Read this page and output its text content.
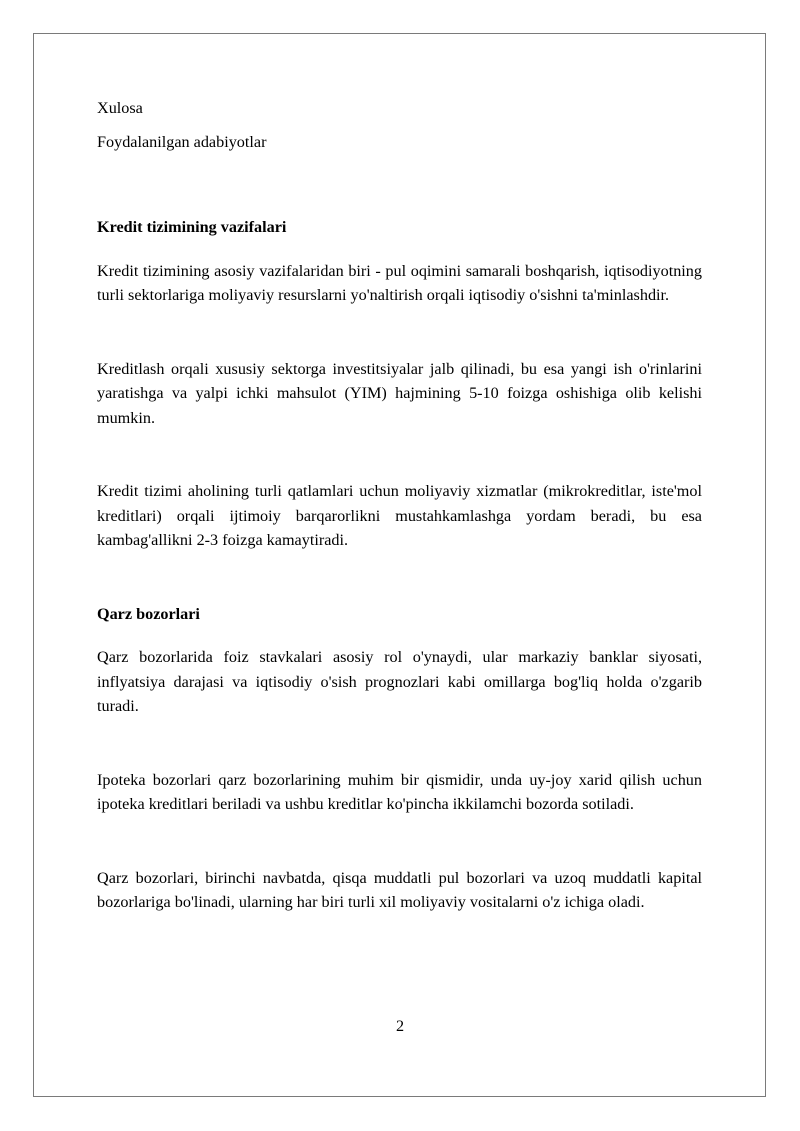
Xulosa

Foydalanilgan adabiyotlar

Kredit tizimining vazifalari

Kredit tizimining asosiy vazifalaridan biri - pul oqimini samarali boshqarish, iqtisodiyotning turli sektorlariga moliyaviy resurslarni yo'naltirish orqali iqtisodiy o'sishni ta'minlashdir.

Kreditlash orqali xususiy sektorga investitsiyalar jalb qilinadi, bu esa yangi ish o'rinlarini yaratishga va yalpi ichki mahsulot (YIM) hajmining 5-10 foizga oshishiga olib kelishi mumkin.

Kredit tizimi aholining turli qatlamlari uchun moliyaviy xizmatlar (mikrokreditlar, iste'mol kreditlari) orqali ijtimoiy barqarorlikni mustahkamlashga yordam beradi, bu esa kambag'allikni 2-3 foizga kamaytiradi.

Qarz bozorlari

Qarz bozorlarida foiz stavkalari asosiy rol o'ynaydi, ular markaziy banklar siyosati, inflyatsiya darajasi va iqtisodiy o'sish prognozlari kabi omillarga bog'liq holda o'zgarib turadi.

Ipoteka bozorlari qarz bozorlarining muhim bir qismidir, unda uy-joy xarid qilish uchun ipoteka kreditlari beriladi va ushbu kreditlar ko'pincha ikkilamchi bozorda sotiladi.

Qarz bozorlari, birinchi navbatda, qisqa muddatli pul bozorlari va uzoq muddatli kapital bozorlariga bo'linadi, ularning har biri turli xil moliyaviy vositalarni o'z ichiga oladi.

2
